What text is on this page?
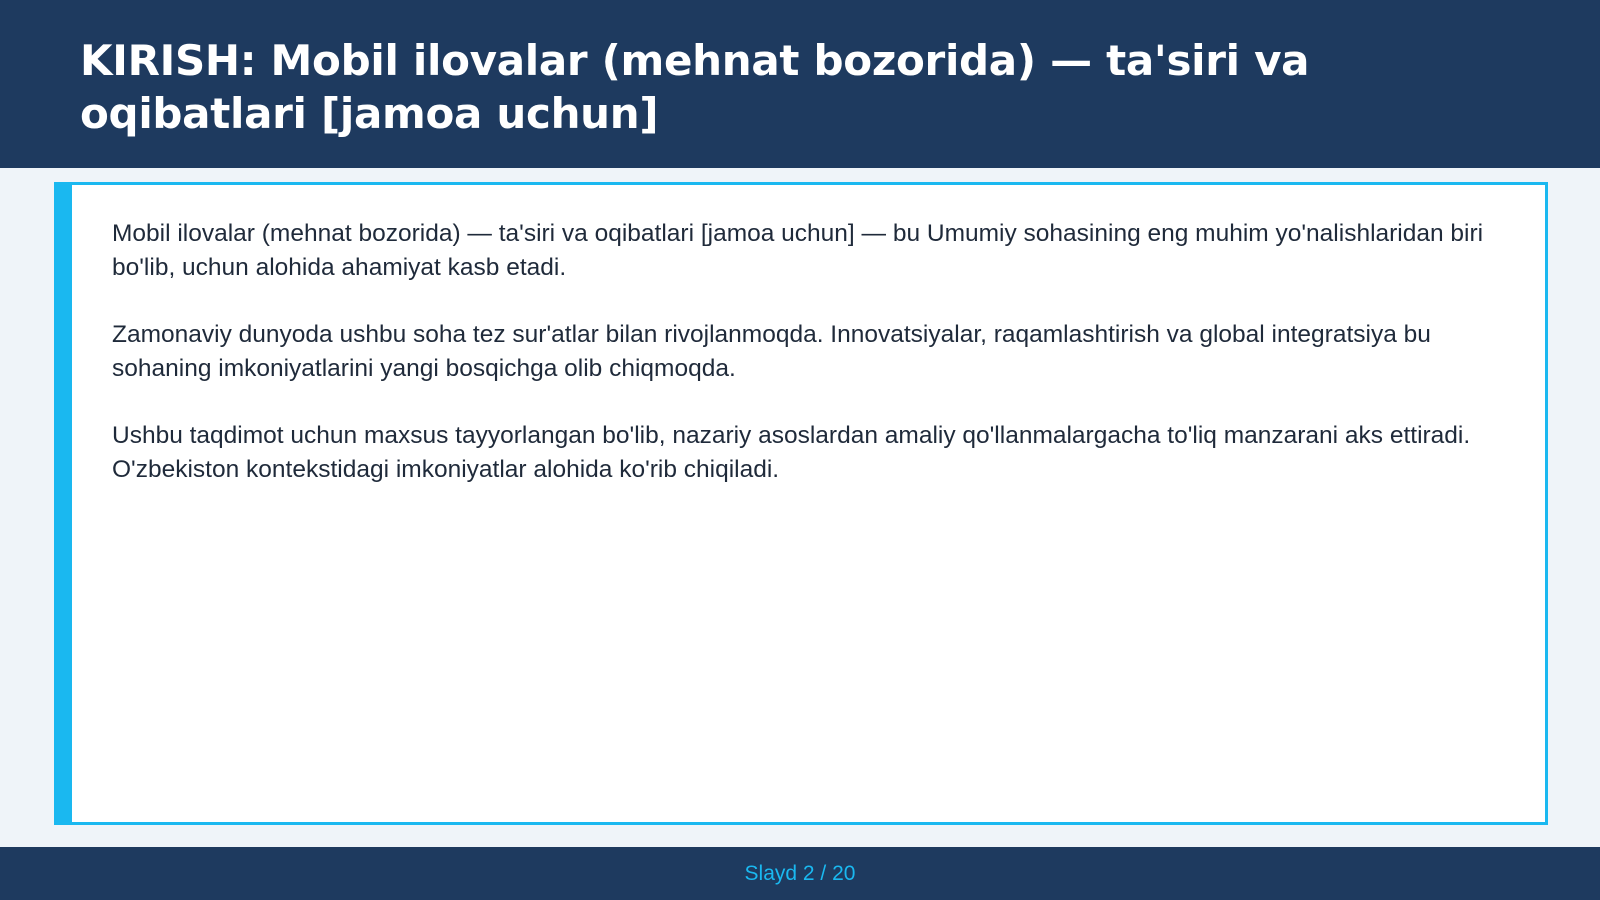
KIRISH: Mobil ilovalar (mehnat bozorida) — ta'siri va oqibatlari [jamoa uchun]

Mobil ilovalar (mehnat bozorida) — ta'siri va oqibatlari [jamoa uchun] — bu Umumiy sohasining eng muhim yo'nalishlaridan biri bo'lib, uchun alohida ahamiyat kasb etadi.

Zamonaviy dunyoda ushbu soha tez sur'atlar bilan rivojlanmoqda. Innovatsiyalar, raqamlashtirish va global integratsiya bu sohaning imkoniyatlarini yangi bosqichga olib chiqmoqda.

Ushbu taqdimot uchun maxsus tayyorlangan bo'lib, nazariy asoslardan amaliy qo'llanmalargacha to'liq manzarani aks ettiradi. O'zbekiston kontekstidagi imkoniyatlar alohida ko'rib chiqiladi.

Slayd 2 / 20
